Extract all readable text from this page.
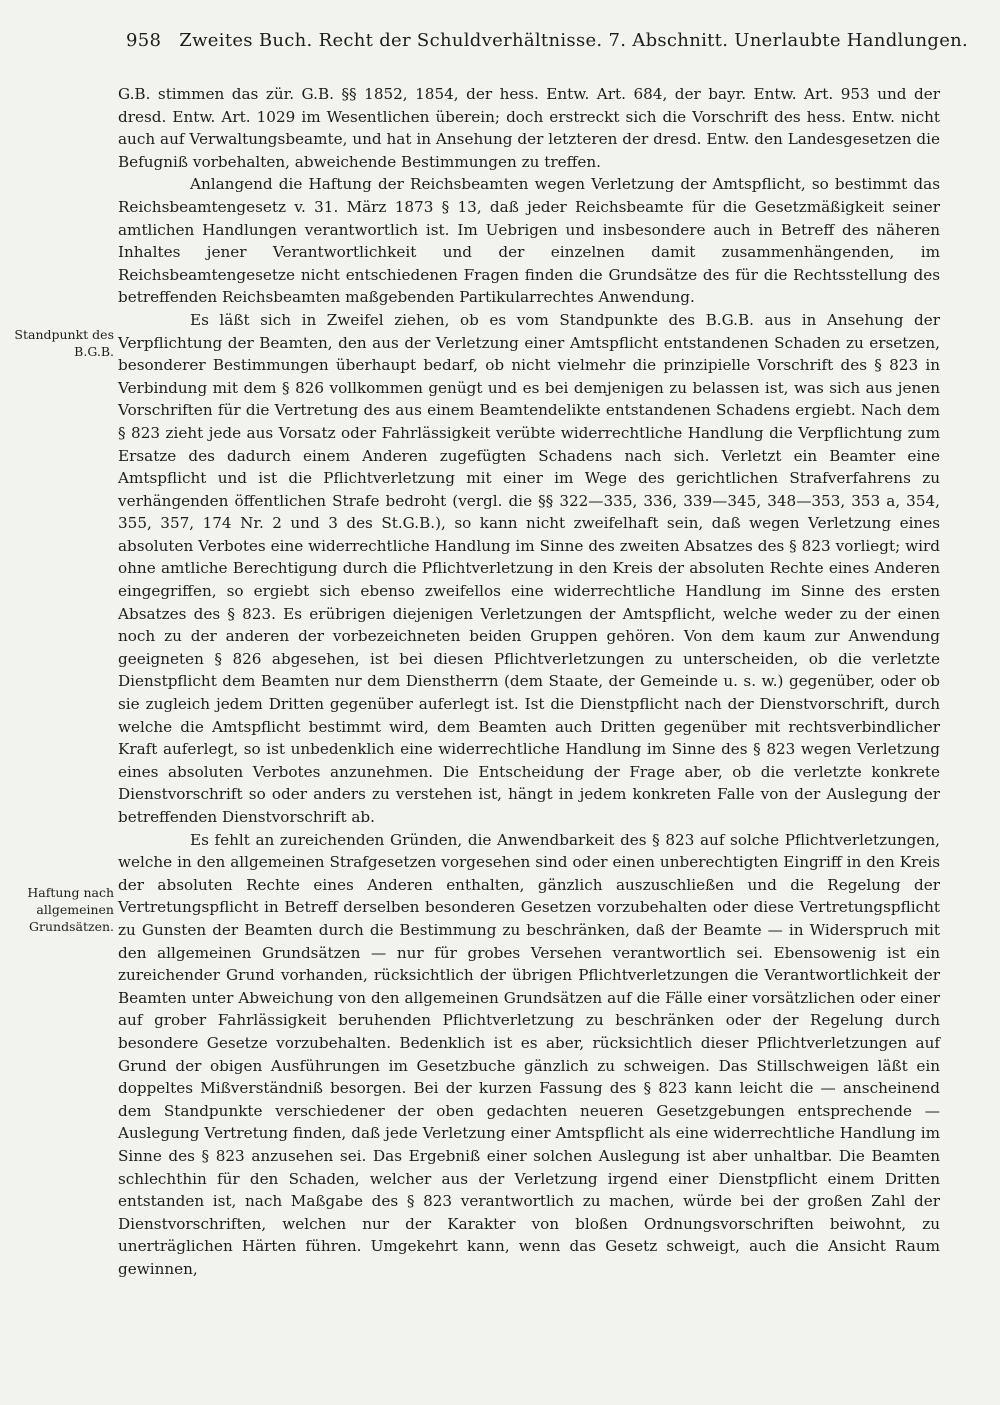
958 Zweites Buch. Recht der Schuldverhältnisse. 7. Abschnitt. Unerlaubte Handlungen.
Standpunkt des B.G.B.
Haftung nach allgemeinen Grundsätzen.

G.B. stimmen das zür. G.B. §§ 1852, 1854, der hess. Entw. Art. 684, der bayr. Entw. Art. 953 und der dresd. Entw. Art. 1029 im Wesentlichen überein; doch erstreckt sich die Vorschrift des hess. Entw. nicht auch auf Verwaltungsbeamte, und hat in Ansehung der letzteren der dresd. Entw. den Landesgesetzen die Befugniß vorbehalten, abweichende Bestimmungen zu treffen.

Anlangend die Haftung der Reichsbeamten wegen Verletzung der Amtspflicht, so bestimmt das Reichsbeamtengesetz v. 31. März 1873 § 13, daß jeder Reichsbeamte für die Gesetzmäßigkeit seiner amtlichen Handlungen verantwortlich ist. Im Uebrigen und insbesondere auch in Betreff des näheren Inhaltes jener Verantwortlichkeit und der einzelnen damit zusammenhängenden, im Reichsbeamtengesetze nicht entschiedenen Fragen finden die Grundsätze des für die Rechtsstellung des betreffenden Reichsbeamten maßgebenden Partikularrechtes Anwendung.

Es läßt sich in Zweifel ziehen, ob es vom Standpunkte des B.G.B. aus in Ansehung der Verpflichtung der Beamten, den aus der Verletzung einer Amtspflicht entstandenen Schaden zu ersetzen, besonderer Bestimmungen überhaupt bedarf, ob nicht vielmehr die prinzipielle Vorschrift des § 823 in Verbindung mit dem § 826 vollkommen genügt und es bei demjenigen zu belassen ist, was sich aus jenen Vorschriften für die Vertretung des aus einem Beamtendelikte entstandenen Schadens ergiebt. Nach dem § 823 zieht jede aus Vorsatz oder Fahrlässigkeit verübte widerrechtliche Handlung die Verpflichtung zum Ersatze des dadurch einem Anderen zugefügten Schadens nach sich. Verletzt ein Beamter eine Amtspflicht und ist die Pflichtverletzung mit einer im Wege des gerichtlichen Strafverfahrens zu verhängenden öffentlichen Strafe bedroht (vergl. die §§ 322—335, 336, 339—345, 348—353, 353 a, 354, 355, 357, 174 Nr. 2 und 3 des St.G.B.), so kann nicht zweifelhaft sein, daß wegen Verletzung eines absoluten Verbotes eine widerrechtliche Handlung im Sinne des zweiten Absatzes des § 823 vorliegt; wird ohne amtliche Berechtigung durch die Pflichtverletzung in den Kreis der absoluten Rechte eines Anderen eingegriffen, so ergiebt sich ebenso zweifellos eine widerrechtliche Handlung im Sinne des ersten Absatzes des § 823. Es erübrigen diejenigen Verletzungen der Amtspflicht, welche weder zu der einen noch zu der anderen der vorbezeichneten beiden Gruppen gehören. Von dem kaum zur Anwendung geeigneten § 826 abgesehen, ist bei diesen Pflichtverletzungen zu unterscheiden, ob die verletzte Dienstpflicht dem Beamten nur dem Dienstherrn (dem Staate, der Gemeinde u. s. w.) gegenüber, oder ob sie zugleich jedem Dritten gegenüber auferlegt ist. Ist die Dienstpflicht nach der Dienstvorschrift, durch welche die Amtspflicht bestimmt wird, dem Beamten auch Dritten gegenüber mit rechtsverbindlicher Kraft auferlegt, so ist unbedenklich eine widerrechtliche Handlung im Sinne des § 823 wegen Verletzung eines absoluten Verbotes anzunehmen. Die Entscheidung der Frage aber, ob die verletzte konkrete Dienstvorschrift so oder anders zu verstehen ist, hängt in jedem konkreten Falle von der Auslegung der betreffenden Dienstvorschrift ab.

Es fehlt an zureichenden Gründen, die Anwendbarkeit des § 823 auf solche Pflichtverletzungen, welche in den allgemeinen Strafgesetzen vorgesehen sind oder einen unberechtigten Eingriff in den Kreis der absoluten Rechte eines Anderen enthalten, gänzlich auszuschließen und die Regelung der Vertretungspflicht in Betreff derselben besonderen Gesetzen vorzubehalten oder diese Vertretungspflicht zu Gunsten der Beamten durch die Bestimmung zu beschränken, daß der Beamte — in Widerspruch mit den allgemeinen Grundsätzen — nur für grobes Versehen verantwortlich sei. Ebensowenig ist ein zureichender Grund vorhanden, rücksichtlich der übrigen Pflichtverletzungen die Verantwortlichkeit der Beamten unter Abweichung von den allgemeinen Grundsätzen auf die Fälle einer vorsätzlichen oder einer auf grober Fahrlässigkeit beruhenden Pflichtverletzung zu beschränken oder der Regelung durch besondere Gesetze vorzubehalten. Bedenklich ist es aber, rücksichtlich dieser Pflichtverletzungen auf Grund der obigen Ausführungen im Gesetzbuche gänzlich zu schweigen. Das Stillschweigen läßt ein doppeltes Mißverständniß besorgen. Bei der kurzen Fassung des § 823 kann leicht die — anscheinend dem Standpunkte verschiedener der oben gedachten neueren Gesetzgebungen entsprechende — Auslegung Vertretung finden, daß jede Verletzung einer Amtspflicht als eine widerrechtliche Handlung im Sinne des § 823 anzusehen sei. Das Ergebniß einer solchen Auslegung ist aber unhaltbar. Die Beamten schlechthin für den Schaden, welcher aus der Verletzung irgend einer Dienstpflicht einem Dritten entstanden ist, nach Maßgabe des § 823 verantwortlich zu machen, würde bei der großen Zahl der Dienstvorschriften, welchen nur der Karakter von bloßen Ordnungsvorschriften beiwohnt, zu unerträglichen Härten führen. Umgekehrt kann, wenn das Gesetz schweigt, auch die Ansicht Raum gewinnen,
